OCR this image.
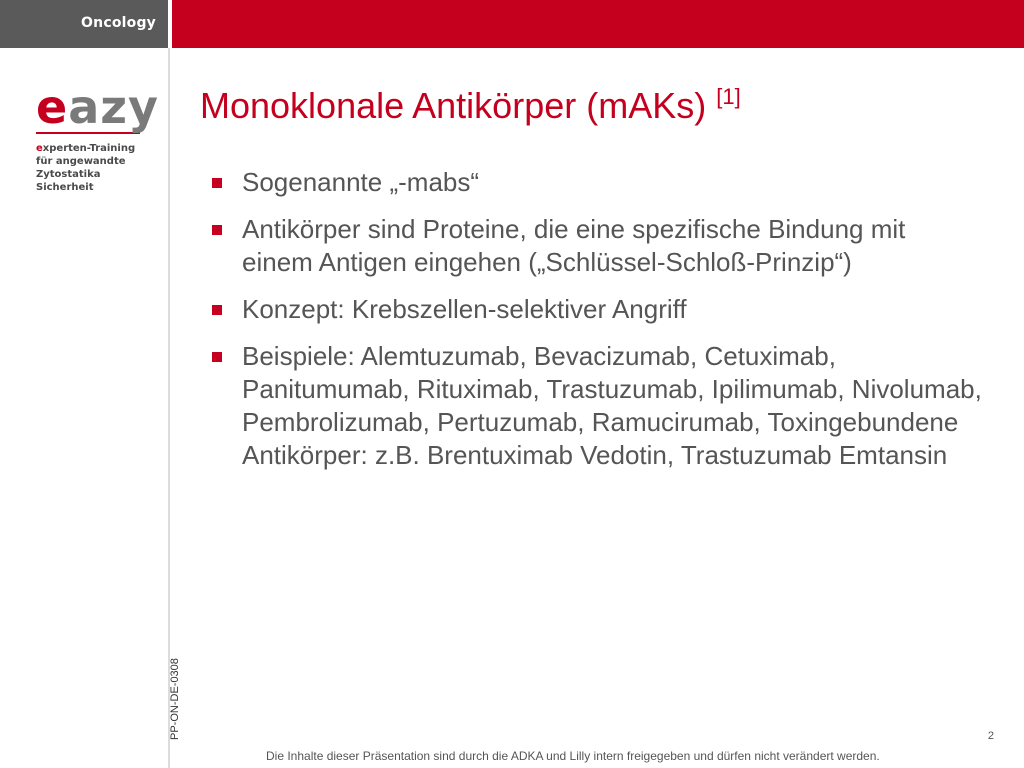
Oncology
eazy
experten-Training
für angewandte
Zytostatika Sicherheit
PP-ON-DE-0308
Monoklonale Antikörper (mAKs) [1]
Sogenannte „-mabs“
Antikörper sind Proteine, die eine spezifische Bindung mit einem Antigen eingehen („Schlüssel-Schloß-Prinzip“)
Konzept: Krebszellen-selektiver Angriff
Beispiele: Alemtuzumab, Bevacizumab, Cetuximab, Panitumumab, Rituximab, Trastuzumab, Ipilimumab, Nivolumab, Pembrolizumab, Pertuzumab, Ramucirumab, Toxingebundene Antikörper: z.B. Brentuximab Vedotin, Trastuzumab Emtansin
2
Die Inhalte dieser Präsentation sind durch die ADKA und Lilly intern freigegeben und dürfen nicht verändert werden.
